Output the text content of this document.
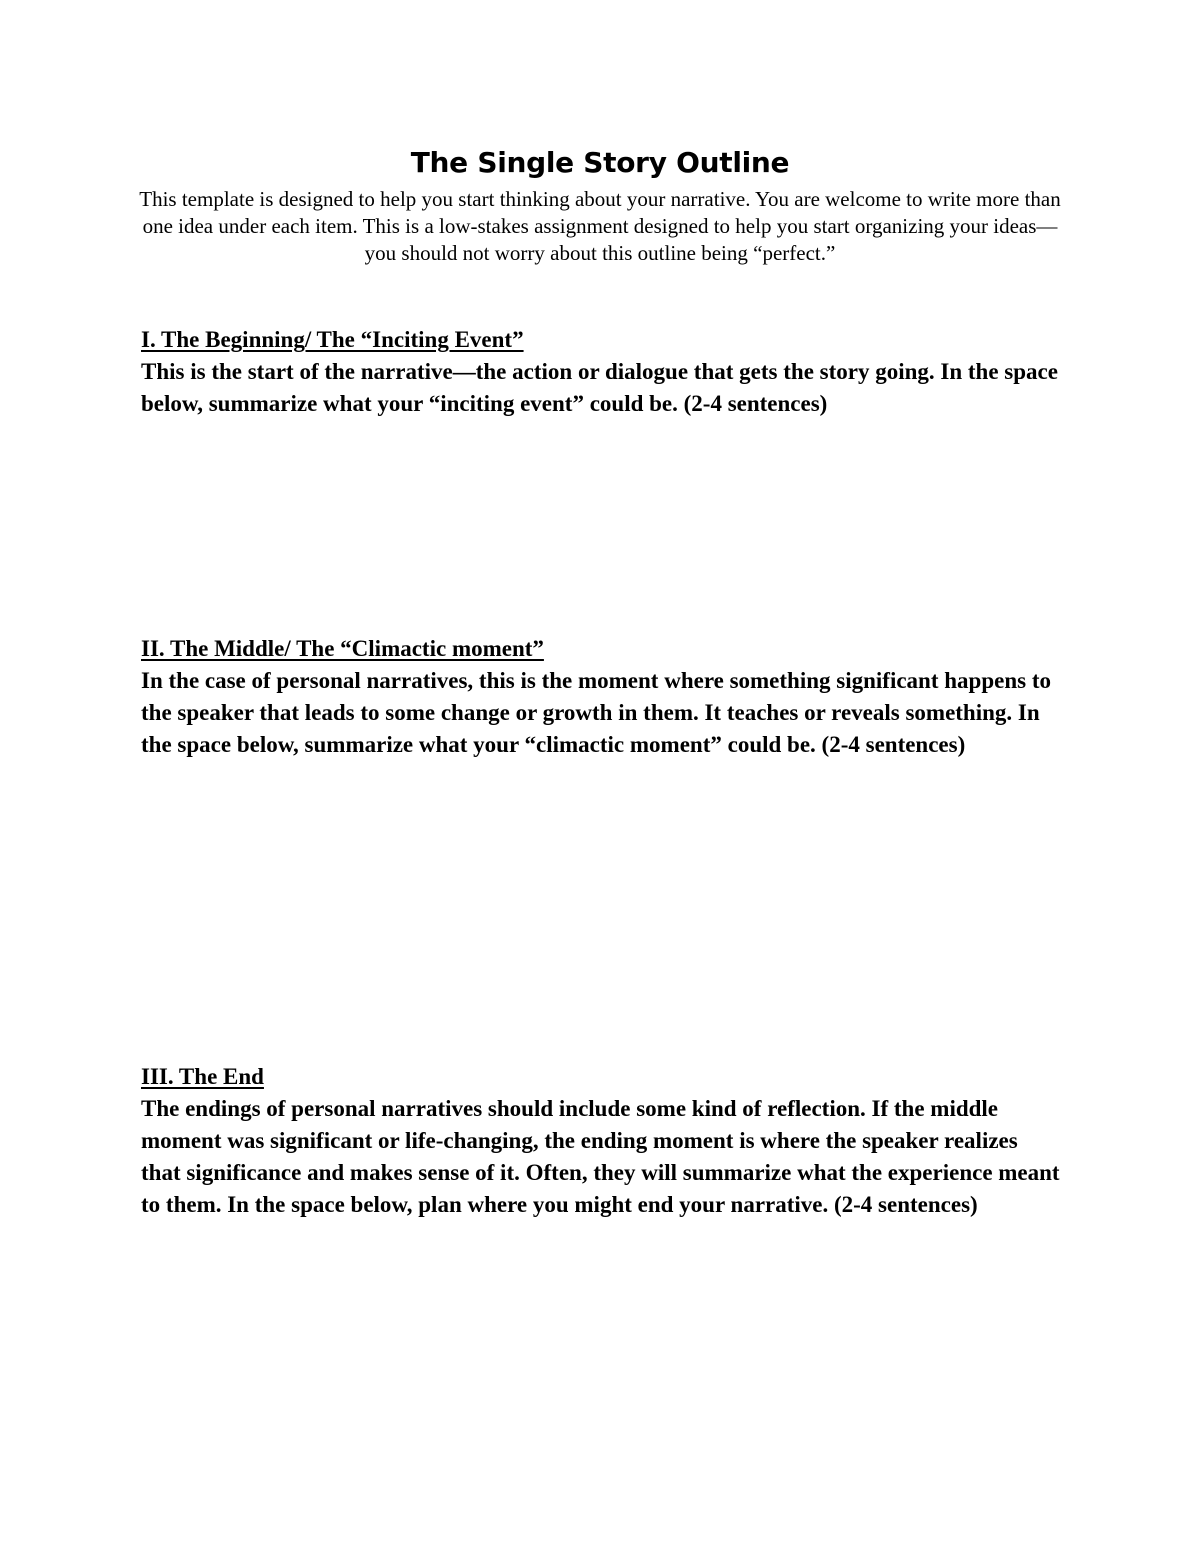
The Single Story Outline

This template is designed to help you start thinking about your narrative. You are welcome to write more than one idea under each item. This is a low-stakes assignment designed to help you start organizing your ideas—you should not worry about this outline being “perfect.”

I. The Beginning/ The “Inciting Event”

This is the start of the narrative—the action or dialogue that gets the story going. In the space below, summarize what your “inciting event” could be. (2-4 sentences)

II. The Middle/ The “Climactic moment”

In the case of personal narratives, this is the moment where something significant happens to the speaker that leads to some change or growth in them. It teaches or reveals something. In the space below, summarize what your “climactic moment” could be. (2-4 sentences)

III. The End

The endings of personal narratives should include some kind of reflection. If the middle moment was significant or life-changing, the ending moment is where the speaker realizes that significance and makes sense of it. Often, they will summarize what the experience meant to them. In the space below, plan where you might end your narrative. (2-4 sentences)
